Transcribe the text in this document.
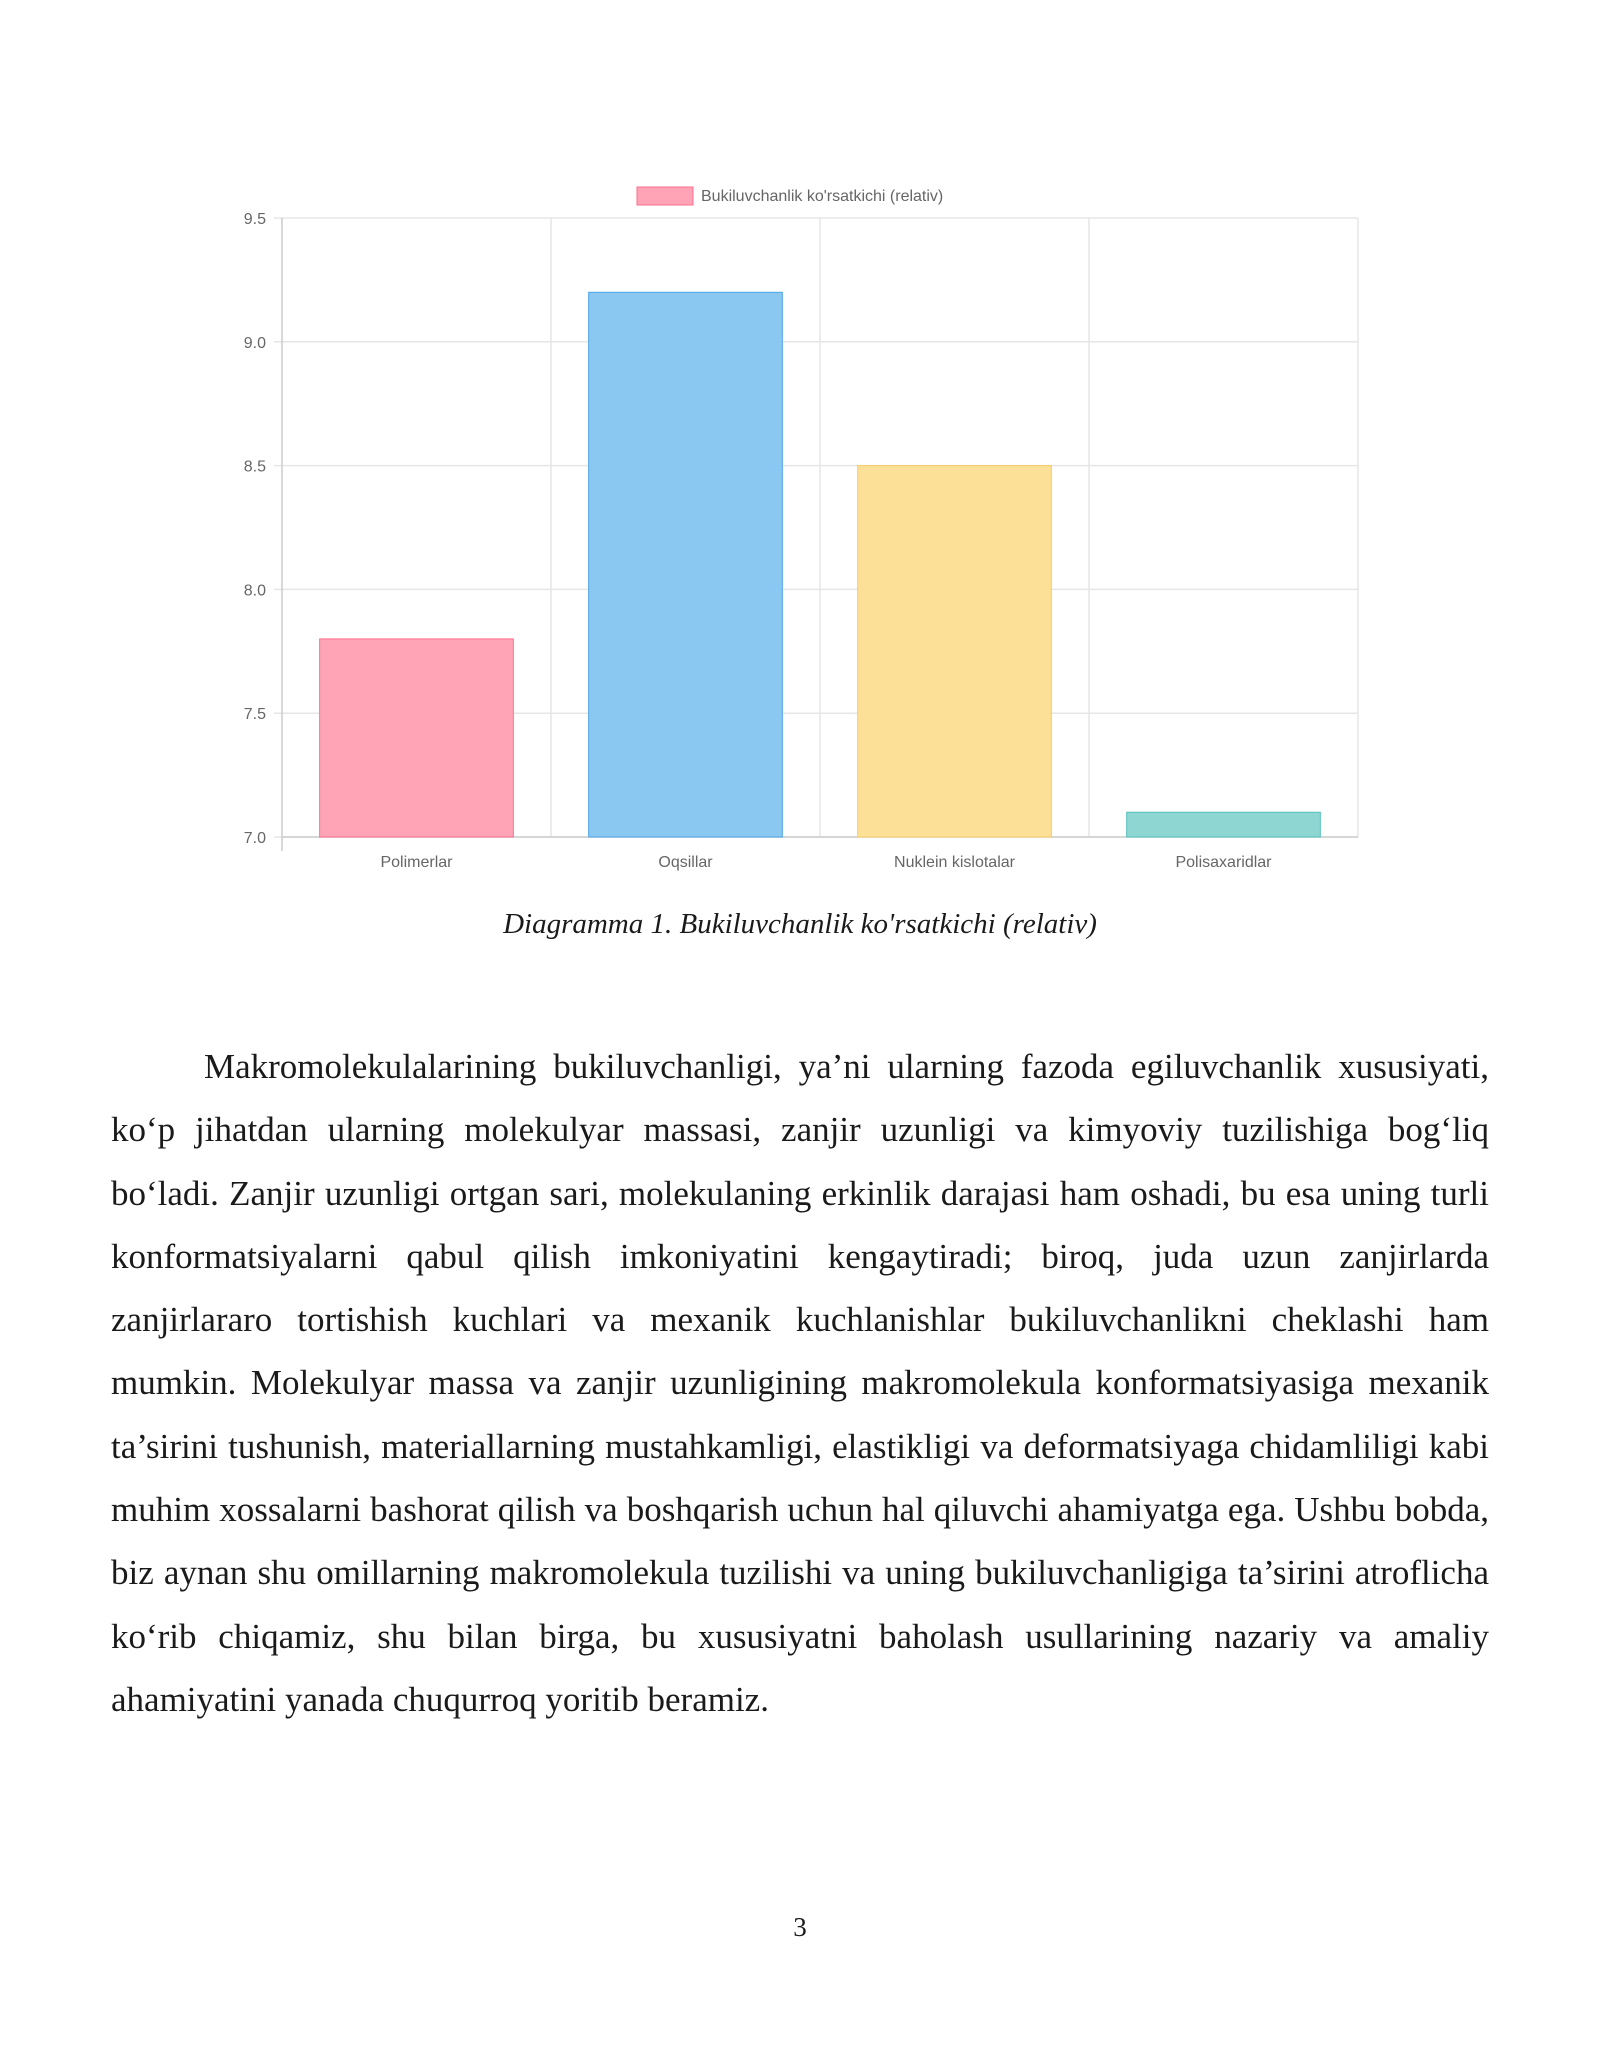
Bukiluvchanlik ko'rsatkichi (relativ)
7.0
7.5
8.0
8.5
9.0
9.5
Polimerlar	Oqsillar	Nuklein kislotalar	Polisaxaridlar
Diagramma 1. Bukiluvchanlik ko'rsatkichi (relativ)

Makromolekulalarining bukiluvchanligi, ya’ni ularning fazoda egiluvchanlik xususiyati, ko‘p jihatdan ularning molekulyar massasi, zanjir uzunligi va kimyoviy tuzilishiga bog‘liq bo‘ladi. Zanjir uzunligi ortgan sari, molekulaning erkinlik darajasi ham oshadi, bu esa uning turli konformatsiyalarni qabul qilish imkoniyatini kengaytiradi; biroq, juda uzun zanjirlarda zanjirlararo tortishish kuchlari va mexanik kuchlanishlar bukiluvchanlikni cheklashi ham mumkin. Molekulyar massa va zanjir uzunligining makromolekula konformatsiyasiga mexanik ta’sirini tushunish, materiallarning mustahkamligi, elastikligi va deformatsiyaga chidamliligi kabi muhim xossalarni bashorat qilish va boshqarish uchun hal qiluvchi ahamiyatga ega. Ushbu bobda, biz aynan shu omillarning makromolekula tuzilishi va uning bukiluvchanligiga ta’sirini atroflicha ko‘rib chiqamiz, shu bilan birga, bu xususiyatni baholash usullarining nazariy va amaliy ahamiyatini yanada chuqurroq yoritib beramiz.

3
